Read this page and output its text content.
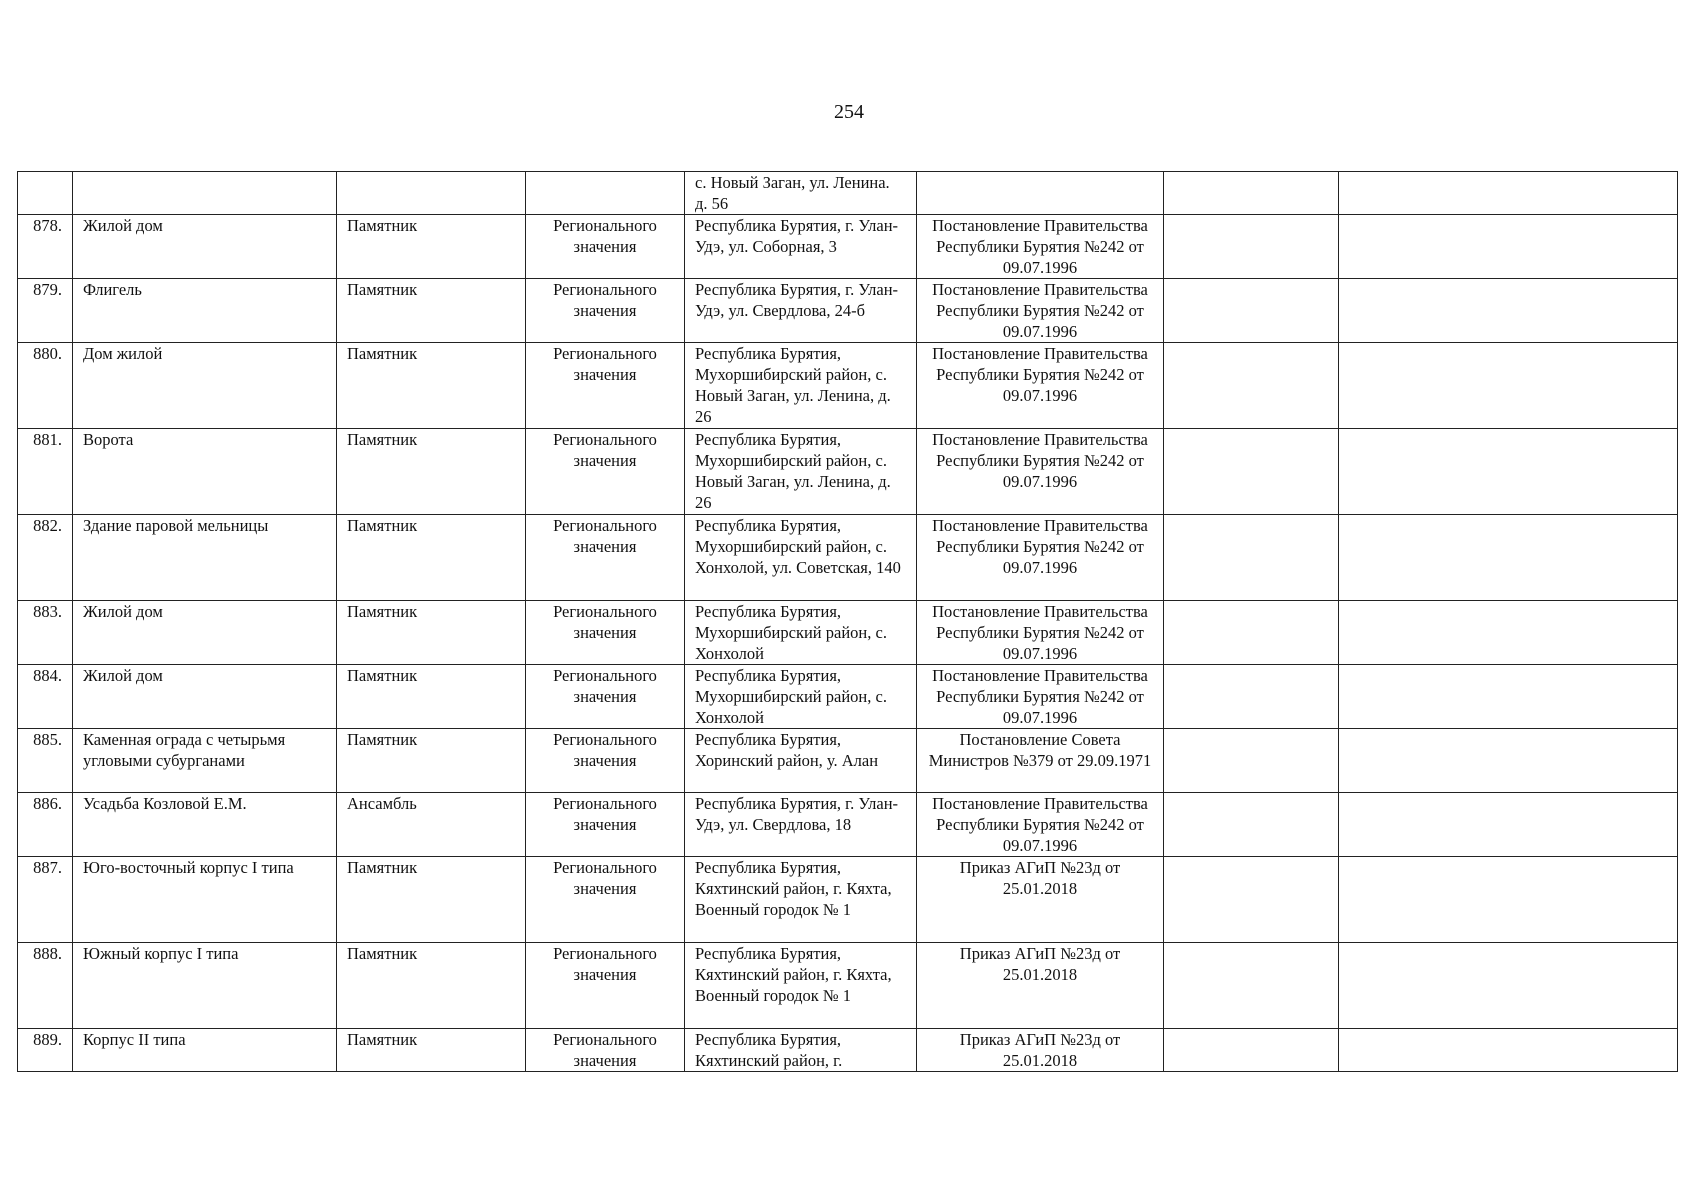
254
				с. Новый Заган, ул. Ленина. д. 56			
878.	Жилой дом	Памятник	Регионального значения	Республика Бурятия, г. Улан-Удэ, ул. Соборная, 3	Постановление Правительства Республики Бурятия №242 от 09.07.1996		
879.	Флигель	Памятник	Регионального значения	Республика Бурятия, г. Улан-Удэ, ул. Свердлова, 24-б	Постановление Правительства Республики Бурятия №242 от 09.07.1996		
880.	Дом жилой	Памятник	Регионального значения	Республика Бурятия, Мухоршибирский район, с. Новый Заган, ул. Ленина, д. 26	Постановление Правительства Республики Бурятия №242 от 09.07.1996		
881.	Ворота	Памятник	Регионального значения	Республика Бурятия, Мухоршибирский район, с. Новый Заган, ул. Ленина, д. 26	Постановление Правительства Республики Бурятия №242 от 09.07.1996		
882.	Здание паровой мельницы	Памятник	Регионального значения	Республика Бурятия, Мухоршибирский район, с. Хонхолой, ул. Советская, 140	Постановление Правительства Республики Бурятия №242 от 09.07.1996		
883.	Жилой дом	Памятник	Регионального значения	Республика Бурятия, Мухоршибирский район, с. Хонхолой	Постановление Правительства Республики Бурятия №242 от 09.07.1996		
884.	Жилой дом	Памятник	Регионального значения	Республика Бурятия, Мухоршибирский район, с. Хонхолой	Постановление Правительства Республики Бурятия №242 от 09.07.1996		
885.	Каменная ограда с четырьмя угловыми субурганами	Памятник	Регионального значения	Республика Бурятия, Хоринский район, у. Алан	Постановление Совета Министров №379 от 29.09.1971		
886.	Усадьба Козловой Е.М.	Ансамбль	Регионального значения	Республика Бурятия, г. Улан-Удэ, ул. Свердлова, 18	Постановление Правительства Республики Бурятия №242 от 09.07.1996		
887.	Юго-восточный корпус I типа	Памятник	Регионального значения	Республика Бурятия, Кяхтинский район, г. Кяхта, Военный городок № 1	Приказ АГиП №23д от 25.01.2018		
888.	Южный корпус I типа	Памятник	Регионального значения	Республика Бурятия, Кяхтинский район, г. Кяхта, Военный городок № 1	Приказ АГиП №23д от 25.01.2018		
889.	Корпус II типа	Памятник	Регионального значения	Республика Бурятия, Кяхтинский район, г.	Приказ АГиП №23д от 25.01.2018		
